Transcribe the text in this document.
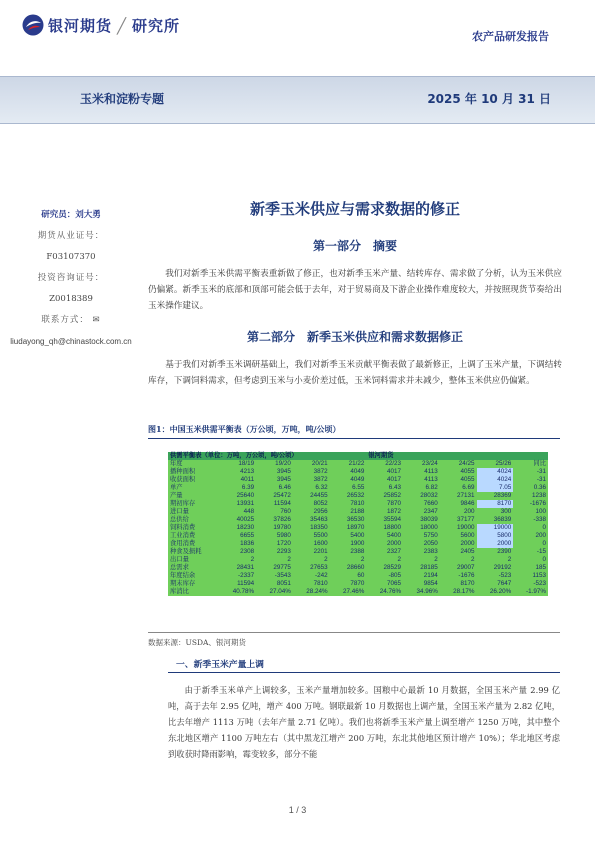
银河期货 ╱ 研究所
农产品研发报告
玉米和淀粉专题	2025 年 10 月 31 日
研究员：刘大勇
期货从业证号：
F03107370
投资咨询证号：
Z0018389
联系方式： ✉
liudayong_qh@chinastock.com.cn
新季玉米供应与需求数据的修正
第一部分　摘要
我们对新季玉米供需平衡表重新做了修正，也对新季玉米产量、结转库存、需求做了分析，认为玉米供应仍偏紧。新季玉米的底部和顶部可能会低于去年，对于贸易商及下游企业操作难度较大，并按照现货节奏给出玉米操作建议。
第二部分　新季玉米供应和需求数据修正
基于我们对新季玉米调研基础上，我们对新季玉米贡献平衡表做了最新修正，上调了玉米产量，下调结转库存，下调饲料需求，但考虑到玉米与小麦价差过低，玉米饲料需求并未减少，整体玉米供应仍偏紧。
图1：中国玉米供需平衡表（万公顷，万吨，吨/公顷）
供需平衡表（单位：万吨，万公顷，吨/公顷）					银河期货				
年度	18/19	19/20	20/21	21/22	22/23	23/24	24/25	25/26	同比
播种面积	4213	3945	3872	4049	4017	4113	4055	4024	-31
收获面积	4011	3945	3872	4049	4017	4113	4055	4024	-31
单产	6.39	6.46	6.32	6.55	6.43	6.82	6.69	7.05	0.36
产量	25640	25472	24455	26532	25852	28032	27131	28369	1238
期初库存	13931	11594	8052	7810	7870	7660	9846	8170	-1676
进口量	448	760	2956	2188	1872	2347	200	300	100
总供给	40025	37826	35463	36530	35594	38039	37177	36839	-338
饲料消费	18230	19780	18350	18970	18800	18000	19000	19000	0
工业消费	6655	5980	5500	5400	5400	5750	5600	5800	200
食用消费	1836	1720	1600	1900	2000	2050	2000	2000	0
种食及损耗	2308	2293	2201	2388	2327	2383	2405	2390	-15
出口量	2	2	2	2	2	2	2	2	0
总需求	28431	29775	27653	28660	28529	28185	29007	29192	185
年度结余	-2337	-3543	-242	60	-805	2194	-1676	-523	1153
期末库存	11594	8051	7810	7870	7065	9854	8170	7647	-523
库消比	40.78%	27.04%	28.24%	27.46%	24.76%	34.96%	28.17%	26.20%	-1.97%
数据来源：USDA、银河期货
一、新季玉米产量上调
由于新季玉米单产上调较多，玉米产量增加较多。国粮中心最新 10 月数据，全国玉米产量 2.99 亿吨，高于去年 2.95 亿吨，增产 400 万吨。钢联最新 10 月数据也上调产量，全国玉米产量为 2.82 亿吨，比去年增产 1113 万吨（去年产量 2.71 亿吨）。我们也将新季玉米产量上调至增产 1250 万吨，其中整个东北地区增产 1100 万吨左右（其中黑龙江增产 200 万吨，东北其他地区预计增产 10%）；华北地区考虑到收获时降雨影响，霉变较多，部分不能
1 / 3
